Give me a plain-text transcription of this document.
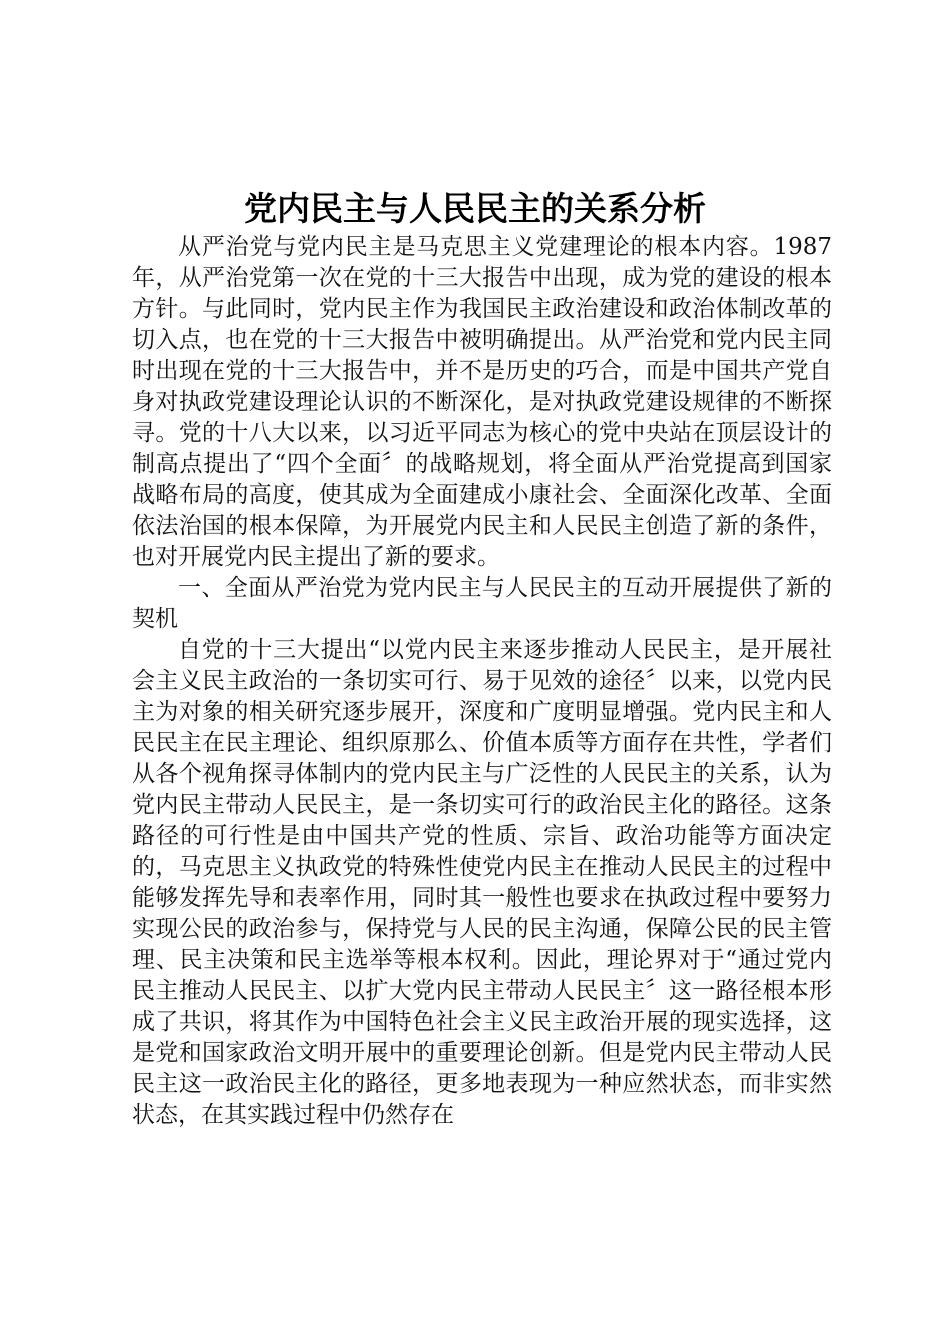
党内民主与人民民主的关系分析

从严治党与党内民主是马克思主义党建理论的根本内容。1987年，从严治党第一次在党的十三大报告中出现，成为党的建设的根本方针。与此同时，党内民主作为我国民主政治建设和政治体制改革的切入点，也在党的十三大报告中被明确提出。从严治党和党内民主同时出现在党的十三大报告中，并不是历史的巧合，而是中国共产党自身对执政党建设理论认识的不断深化，是对执政党建设规律的不断探寻。党的十八大以来，以习近平同志为核心的党中央站在顶层设计的制高点提出了“四个全面〞的战略规划，将全面从严治党提高到国家战略布局的高度，使其成为全面建成小康社会、全面深化改革、全面依法治国的根本保障，为开展党内民主和人民民主创造了新的条件，也对开展党内民主提出了新的要求。

一、全面从严治党为党内民主与人民民主的互动开展提供了新的契机

自党的十三大提出“以党内民主来逐步推动人民民主，是开展社会主义民主政治的一条切实可行、易于见效的途径〞以来，以党内民主为对象的相关研究逐步展开，深度和广度明显增强。党内民主和人民民主在民主理论、组织原那么、价值本质等方面存在共性，学者们从各个视角探寻体制内的党内民主与广泛性的人民民主的关系，认为党内民主带动人民民主，是一条切实可行的政治民主化的路径。这条路径的可行性是由中国共产党的性质、宗旨、政治功能等方面决定的，马克思主义执政党的特殊性使党内民主在推动人民民主的过程中能够发挥先导和表率作用，同时其一般性也要求在执政过程中要努力实现公民的政治参与，保持党与人民的民主沟通，保障公民的民主管理、民主决策和民主选举等根本权利。因此，理论界对于“通过党内民主推动人民民主、以扩大党内民主带动人民民主〞这一路径根本形成了共识，将其作为中国特色社会主义民主政治开展的现实选择，这是党和国家政治文明开展中的重要理论创新。但是党内民主带动人民民主这一政治民主化的路径，更多地表现为一种应然状态，而非实然状态，在其实践过程中仍然存在
